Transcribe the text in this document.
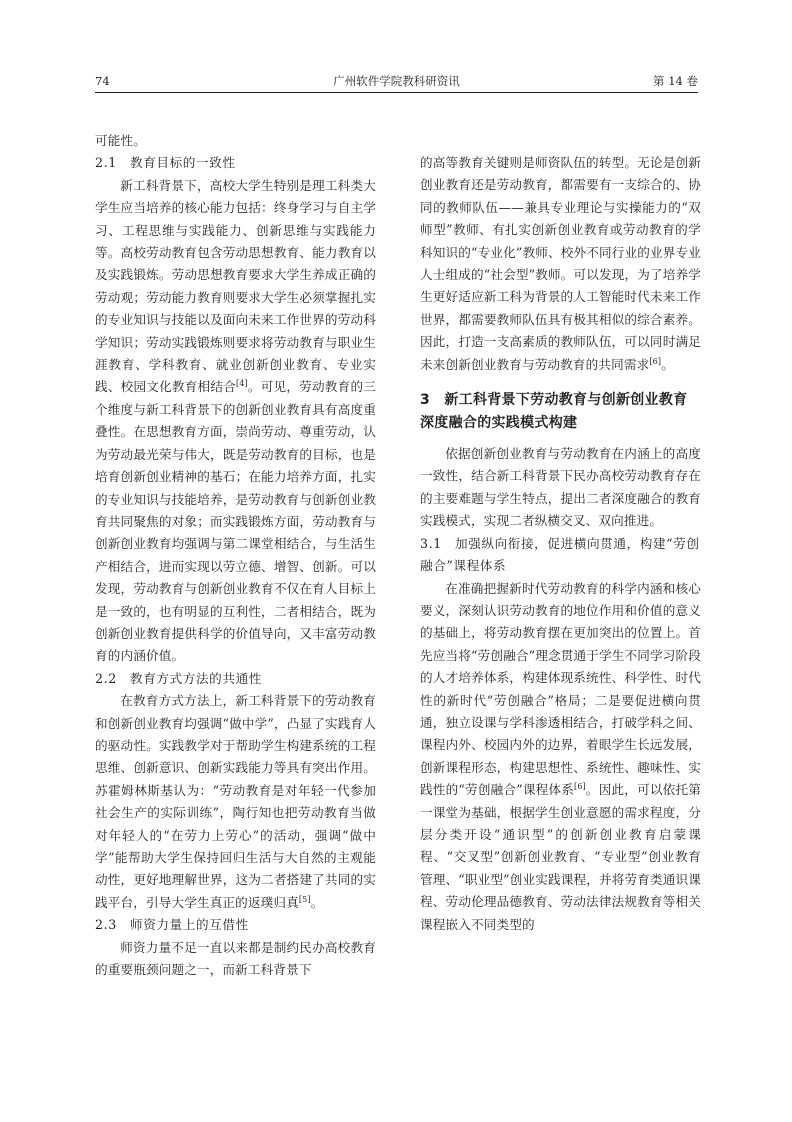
74	广州软件学院教科研资讯	第 14 卷

可能性。

2.1　教育目标的一致性

新工科背景下，高校大学生特别是理工科类大学生应当培养的核心能力包括：终身学习与自主学习、工程思维与实践能力、创新思维与实践能力等。高校劳动教育包含劳动思想教育、能力教育以及实践锻炼。劳动思想教育要求大学生养成正确的劳动观；劳动能力教育则要求大学生必须掌握扎实的专业知识与技能以及面向未来工作世界的劳动科学知识；劳动实践锻炼则要求将劳动教育与职业生涯教育、学科教育、就业创新创业教育、专业实践、校园文化教育相结合[4]。可见，劳动教育的三个维度与新工科背景下的创新创业教育具有高度重叠性。在思想教育方面，崇尚劳动、尊重劳动，认为劳动最光荣与伟大，既是劳动教育的目标，也是培育创新创业精神的基石；在能力培养方面，扎实的专业知识与技能培养，是劳动教育与创新创业教育共同聚焦的对象；而实践锻炼方面，劳动教育与创新创业教育均强调与第二课堂相结合，与生活生产相结合，进而实现以劳立德、增智、创新。可以发现，劳动教育与创新创业教育不仅在育人目标上是一致的，也有明显的互利性，二者相结合，既为创新创业教育提供科学的价值导向，又丰富劳动教育的内涵价值。

2.2　教育方式方法的共通性

在教育方式方法上，新工科背景下的劳动教育和创新创业教育均强调“做中学”，凸显了实践育人的驱动性。实践教学对于帮助学生构建系统的工程思维、创新意识、创新实践能力等具有突出作用。苏霍姆林斯基认为：“劳动教育是对年轻一代参加社会生产的实际训练”，陶行知也把劳动教育当做对年轻人的“在劳力上劳心”的活动，强调“做中学”能帮助大学生保持回归生活与大自然的主观能动性，更好地理解世界，这为二者搭建了共同的实践平台，引导大学生真正的返璞归真[5]。

2.3　师资力量上的互借性

师资力量不足一直以来都是制约民办高校教育的重要瓶颈问题之一，而新工科背景下

的高等教育关键则是师资队伍的转型。无论是创新创业教育还是劳动教育，都需要有一支综合的、协同的教师队伍——兼具专业理论与实操能力的“双师型”教师、有扎实创新创业教育或劳动教育的学科知识的“专业化”教师、校外不同行业的业界专业人士组成的“社会型”教师。可以发现，为了培养学生更好适应新工科为背景的人工智能时代未来工作世界，都需要教师队伍具有极其相似的综合素养。因此，打造一支高素质的教师队伍，可以同时满足未来创新创业教育与劳动教育的共同需求[6]。

3　新工科背景下劳动教育与创新创业教育深度融合的实践模式构建

依据创新创业教育与劳动教育在内涵上的高度一致性，结合新工科背景下民办高校劳动教育存在的主要难题与学生特点，提出二者深度融合的教育实践模式，实现二者纵横交叉、双向推进。

3.1　加强纵向衔接，促进横向贯通，构建“劳创融合”课程体系

在准确把握新时代劳动教育的科学内涵和核心要义，深刻认识劳动教育的地位作用和价值的意义的基础上，将劳动教育摆在更加突出的位置上。首先应当将“劳创融合”理念贯通于学生不同学习阶段的人才培养体系，构建体现系统性、科学性、时代性的新时代“劳创融合”格局；二是要促进横向贯通，独立设课与学科渗透相结合，打破学科之间、课程内外、校园内外的边界，着眼学生长远发展，创新课程形态，构建思想性、系统性、趣味性、实践性的“劳创融合”课程体系[6]。因此，可以依托第一课堂为基础，根据学生创业意愿的需求程度，分层分类开设“通识型”的创新创业教育启蒙课程、“交叉型”创新创业教育、“专业型”创业教育管理、“职业型”创业实践课程，并将劳育类通识课程、劳动伦理品德教育、劳动法律法规教育等相关课程嵌入不同类型的
